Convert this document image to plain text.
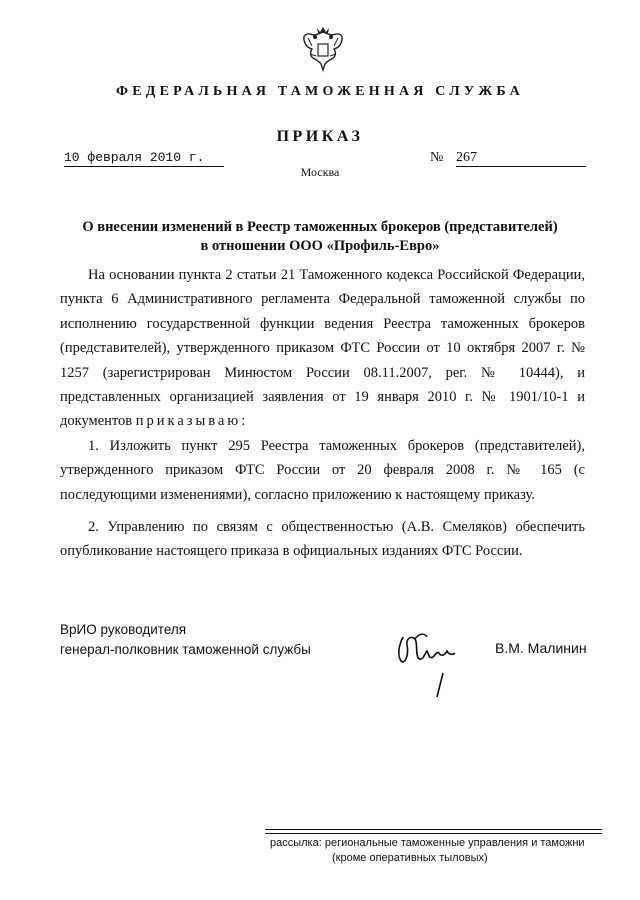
ФЕДЕРАЛЬНАЯ ТАМОЖЕННАЯ СЛУЖБА
ПРИКАЗ
10 февраля 2010 г.	№ 267
Москва
О внесении изменений в Реестр таможенных брокеров (представителей)
в отношении ООО «Профиль-Евро»

На основании пункта 2 статьи 21 Таможенного кодекса Российской Федерации, пункта 6 Административного регламента Федеральной таможенной службы по исполнению государственной функции ведения Реестра таможенных брокеров (представителей), утвержденного приказом ФТС России от 10 октября 2007 г. № 1257 (зарегистрирован Минюстом России 08.11.2007, рег. № 10444), и представленных организацией заявления от 19 января 2010 г. № 1901/10-1 и документов приказываю:

1. Изложить пункт 295 Реестра таможенных брокеров (представителей), утвержденного приказом ФТС России от 20 февраля 2008 г. № 165 (с последующими изменениями), согласно приложению к настоящему приказу.

2. Управлению по связям с общественностью (А.В. Смеляков) обеспечить опубликование настоящего приказа в официальных изданиях ФТС России.

ВрИО руководителя
генерал-полковник таможенной службы	В.М. Малинин
рассылка: региональные таможенные управления и таможни
(кроме оперативных тыловых)
